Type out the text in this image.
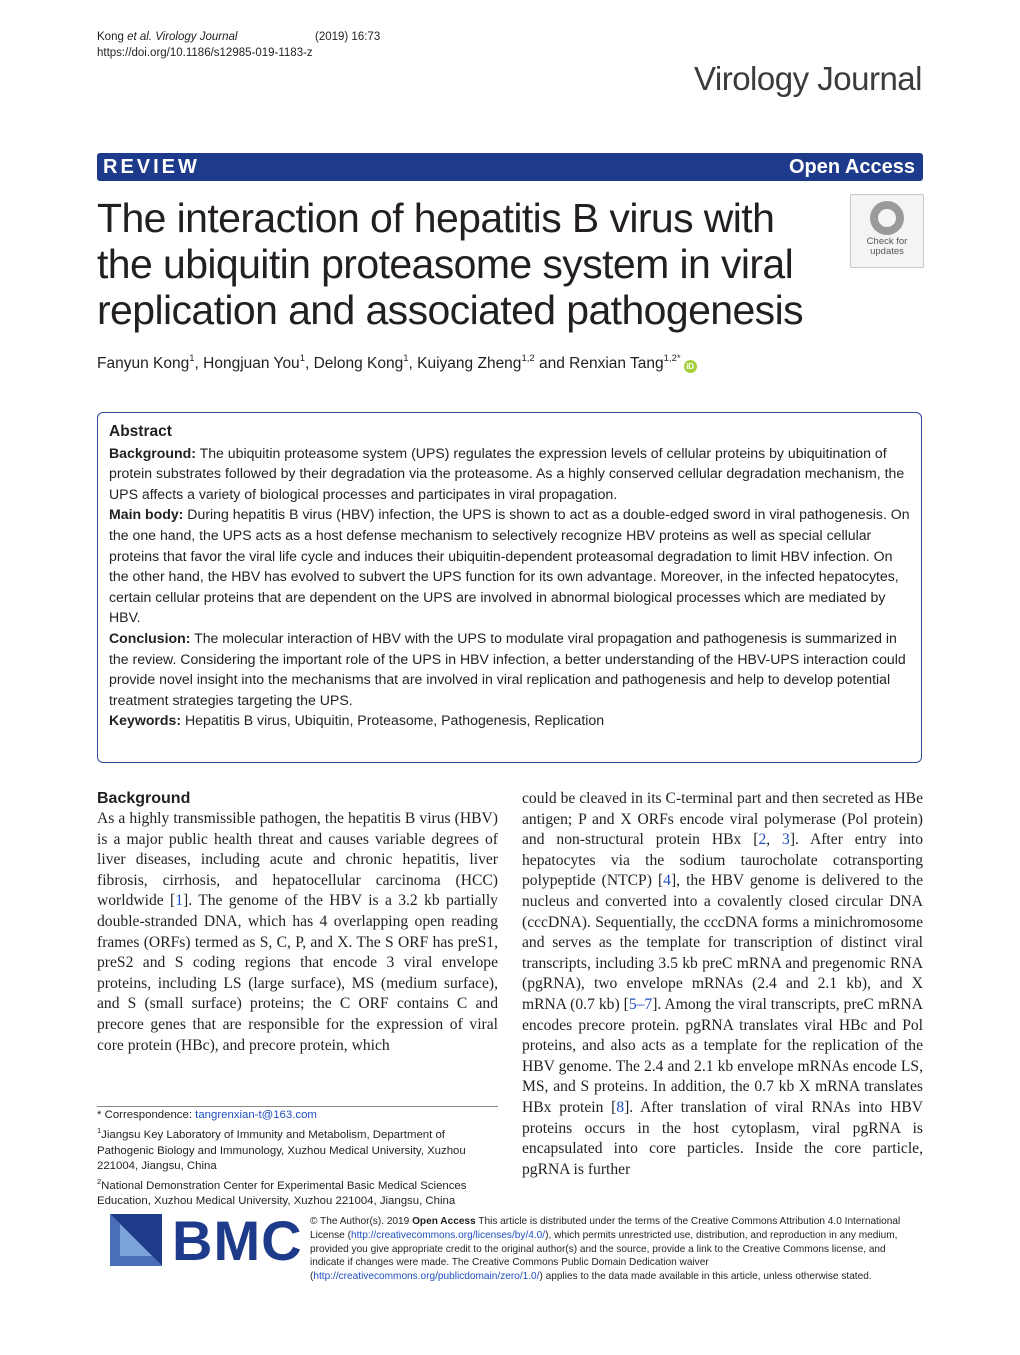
Kong et al. Virology Journal	(2019) 16:73
https://doi.org/10.1186/s12985-019-1183-z
Virology Journal
REVIEW	Open Access
The interaction of hepatitis B virus with the ubiquitin proteasome system in viral replication and associated pathogenesis
Check for
updates
Fanyun Kong$^1$, Hongjuan You$^1$, Delong Kong$^1$, Kuiyang Zheng$^{1,2}$ and Renxian Tang$^{1,2*}$iD
Abstract

Background: The ubiquitin proteasome system (UPS) regulates the expression levels of cellular proteins by ubiquitination of protein substrates followed by their degradation via the proteasome. As a highly conserved cellular degradation mechanism, the UPS affects a variety of biological processes and participates in viral propagation.

Main body: During hepatitis B virus (HBV) infection, the UPS is shown to act as a double-edged sword in viral pathogenesis. On the one hand, the UPS acts as a host defense mechanism to selectively recognize HBV proteins as well as special cellular proteins that favor the viral life cycle and induces their ubiquitin-dependent proteasomal degradation to limit HBV infection. On the other hand, the HBV has evolved to subvert the UPS function for its own advantage. Moreover, in the infected hepatocytes, certain cellular proteins that are dependent on the UPS are involved in abnormal biological processes which are mediated by HBV.

Conclusion: The molecular interaction of HBV with the UPS to modulate viral propagation and pathogenesis is summarized in the review. Considering the important role of the UPS in HBV infection, a better understanding of the HBV-UPS interaction could provide novel insight into the mechanisms that are involved in viral replication and pathogenesis and help to develop potential treatment strategies targeting the UPS.

Keywords: Hepatitis B virus, Ubiquitin, Proteasome, Pathogenesis, Replication

Background

As a highly transmissible pathogen, the hepatitis B virus (HBV) is a major public health threat and causes variable degrees of liver diseases, including acute and chronic hepatitis, liver fibrosis, cirrhosis, and hepatocellular carcinoma (HCC) worldwide [1]. The genome of the HBV is a 3.2 kb partially double-stranded DNA, which has 4 overlapping open reading frames (ORFs) termed as S, C, P, and X. The S ORF has preS1, preS2 and S coding regions that encode 3 viral envelope proteins, including LS (large surface), MS (medium surface), and S (small surface) proteins; the C ORF contains C and precore genes that are responsible for the expression of viral core protein (HBc), and precore protein, which

could be cleaved in its C-terminal part and then secreted as HBe antigen; P and X ORFs encode viral polymerase (Pol protein) and non-structural protein HBx [2, 3]. After entry into hepatocytes via the sodium taurocholate cotransporting polypeptide (NTCP) [4], the HBV genome is delivered to the nucleus and converted into a covalently closed circular DNA (cccDNA). Sequentially, the cccDNA forms a minichromosome and serves as the template for transcription of distinct viral transcripts, including 3.5 kb preC mRNA and pregenomic RNA (pgRNA), two envelope mRNAs (2.4 and 2.1 kb), and X mRNA (0.7 kb) [5–7]. Among the viral transcripts, preC mRNA encodes precore protein. pgRNA translates viral HBc and Pol proteins, and also acts as a template for the replication of the HBV genome. The 2.4 and 2.1 kb envelope mRNAs encode LS, MS, and S proteins. In addition, the 0.7 kb X mRNA translates HBx protein [8]. After translation of viral RNAs into HBV proteins occurs in the host cytoplasm, viral pgRNA is encapsulated into core particles. Inside the core particle, pgRNA is further

* Correspondence: tangrenxian-t@163.com
$^1$Jiangsu Key Laboratory of Immunity and Metabolism, Department of Pathogenic Biology and Immunology, Xuzhou Medical University, Xuzhou 221004, Jiangsu, China
$^2$National Demonstration Center for Experimental Basic Medical Sciences Education, Xuzhou Medical University, Xuzhou 221004, Jiangsu, China
BMC © The Author(s). 2019 Open Access This article is distributed under the terms of the Creative Commons Attribution 4.0 International License (http://creativecommons.org/licenses/by/4.0/), which permits unrestricted use, distribution, and reproduction in any medium, provided you give appropriate credit to the original author(s) and the source, provide a link to the Creative Commons license, and indicate if changes were made. The Creative Commons Public Domain Dedication waiver (http://creativecommons.org/publicdomain/zero/1.0/) applies to the data made available in this article, unless otherwise stated.
